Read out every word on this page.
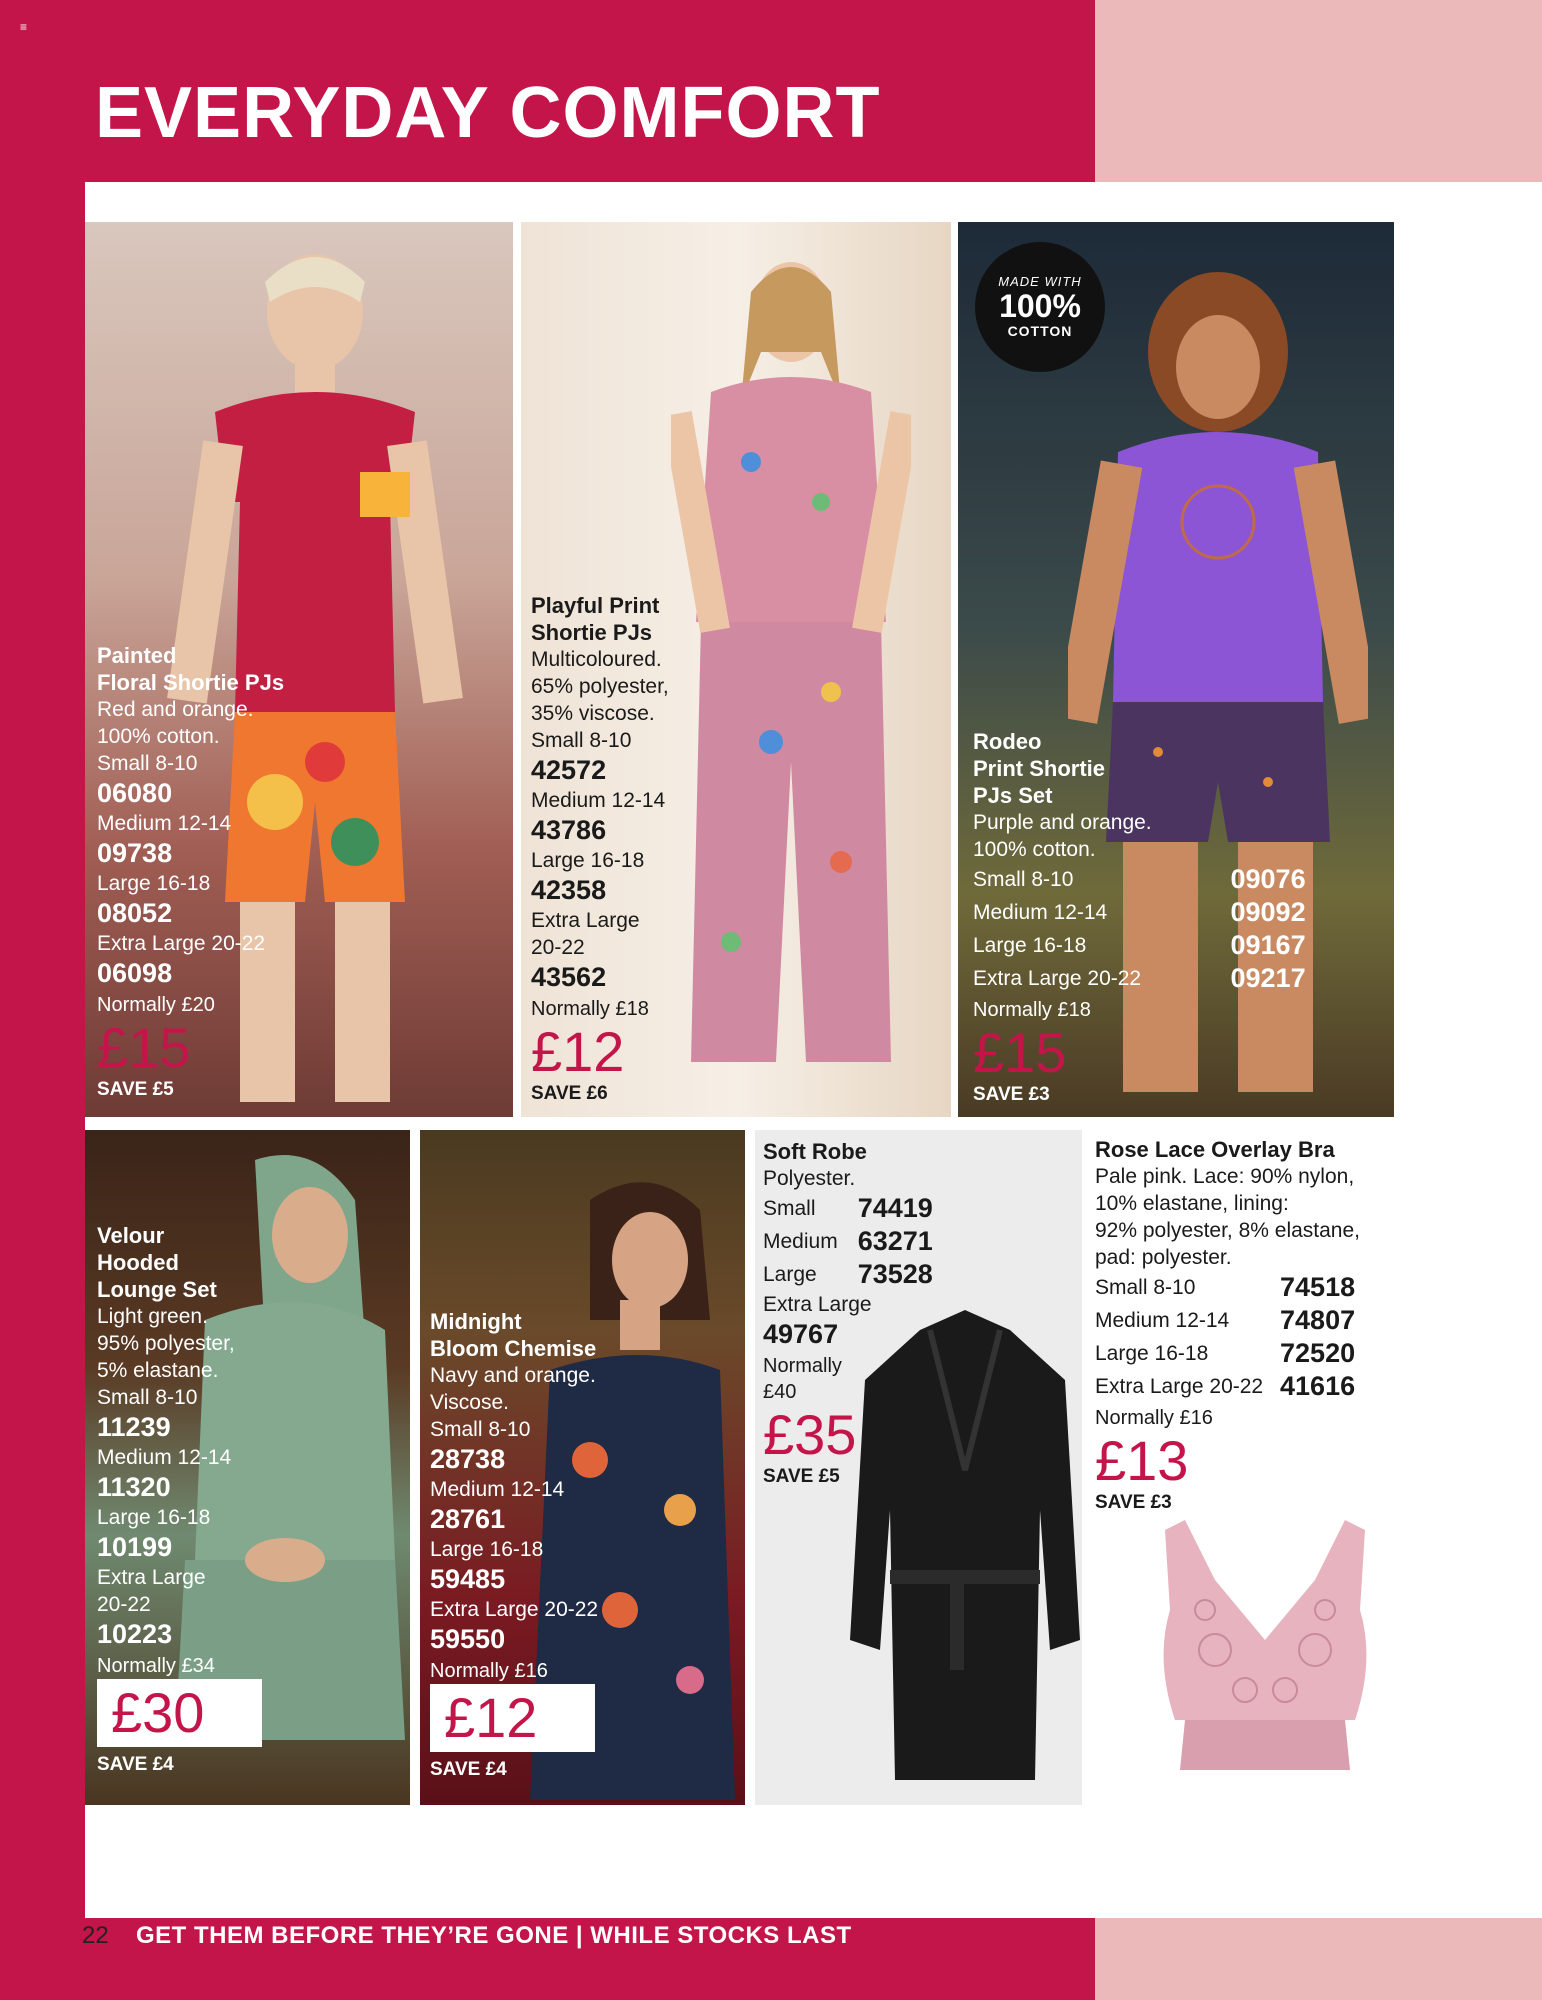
≡
EVERYDAY COMFORT
Painted
Floral Shortie PJs
Red and orange.
100% cotton.
Small 8-10
06080
Medium 12-14
09738
Large 16-18
08052
Extra Large 20-22
06098
Normally £20
£15
SAVE £5
Playful Print
Shortie PJs
Multicoloured.
65% polyester,
35% viscose.
Small 8-10
42572
Medium 12-14
43786
Large 16-18
42358
Extra Large
20-22
43562
Normally £18
£12
SAVE £6
MADE WITH
100%
COTTON
Rodeo
Print Shortie
PJs Set
Purple and orange.
100% cotton.
Small 8-10	09076
Medium 12-14	09092
Large 16-18	09167
Extra Large 20-22	09217
Normally £18
£15
SAVE £3
Velour
Hooded
Lounge Set
Light green.
95% polyester,
5% elastane.
Small 8-10
11239
Medium 12-14
11320
Large 16-18
10199
Extra Large
20-22
10223
Normally £34
£30
SAVE £4
Midnight
Bloom Chemise
Navy and orange.
Viscose.
Small 8-10
28738
Medium 12-14
28761
Large 16-18
59485
Extra Large 20-22
59550
Normally £16
£12
SAVE £4
Soft Robe
Polyester.
Small	74419
Medium 63271
Large	73528
Extra Large
49767
Normally
£40
£35
SAVE £5
Rose Lace Overlay Bra
Pale pink. Lace: 90% nylon,
10% elastane, lining:
92% polyester, 8% elastane,
pad: polyester.
Small 8-10	74518
Medium 12-14	74807
Large 16-18	72520
Extra Large 20-22 41616
Normally £16
£13
SAVE £3
22 GET THEM BEFORE THEY’RE GONE | WHILE STOCKS LAST
